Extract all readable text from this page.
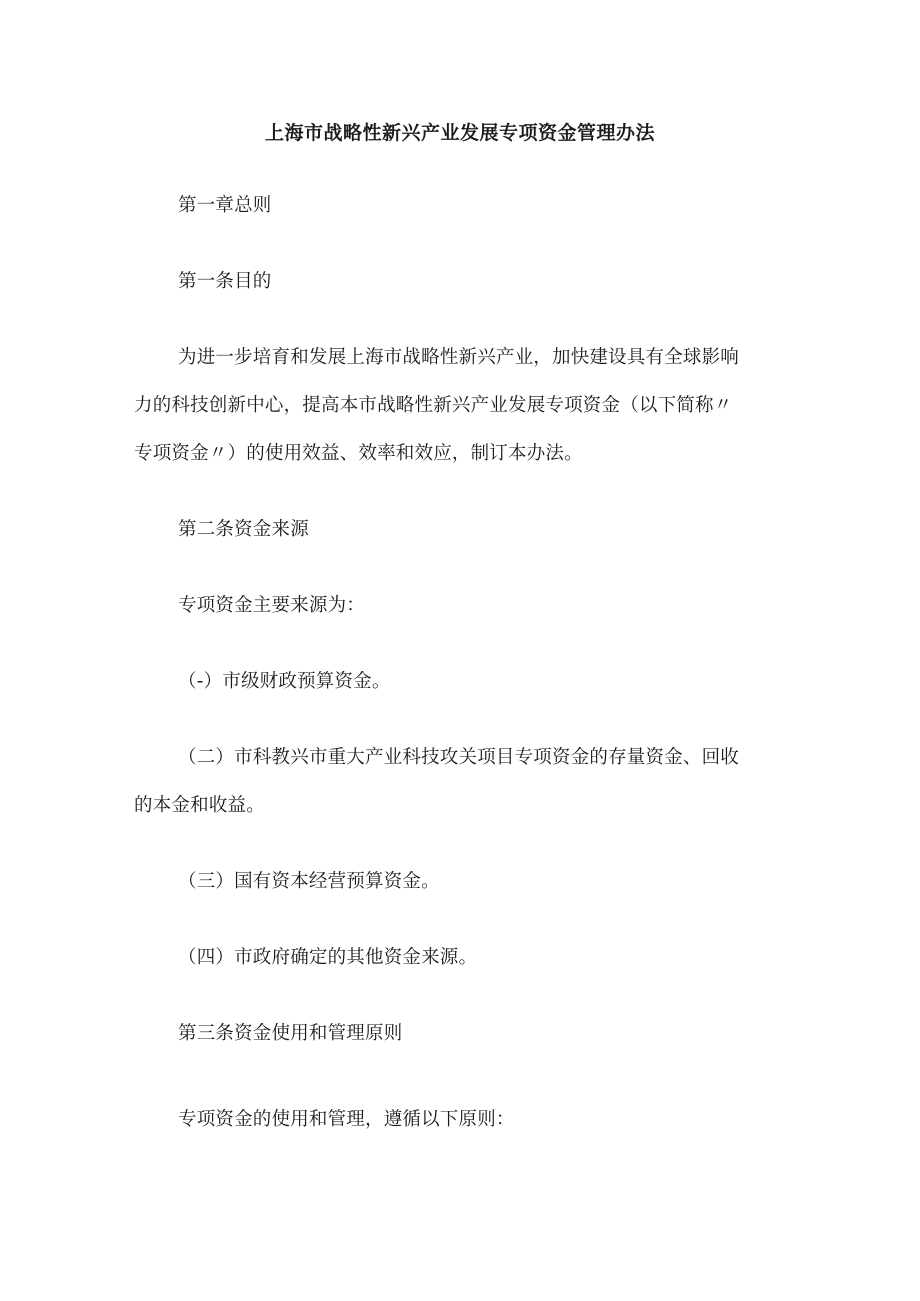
上海市战略性新兴产业发展专项资金管理办法
第一章总则
第一条目的
为进一步培育和发展上海市战略性新兴产业，加快建设具有全球影响
力的科技创新中心，提高本市战略性新兴产业发展专项资金（以下简称〃
专项资金〃）的使用效益、效率和效应，制订本办法。
第二条资金来源
专项资金主要来源为：
（-）市级财政预算资金。
（二）市科教兴市重大产业科技攻关项目专项资金的存量资金、回收
的本金和收益。
（三）国有资本经营预算资金。
（四）市政府确定的其他资金来源。
第三条资金使用和管理原则
专项资金的使用和管理，遵循以下原则：
